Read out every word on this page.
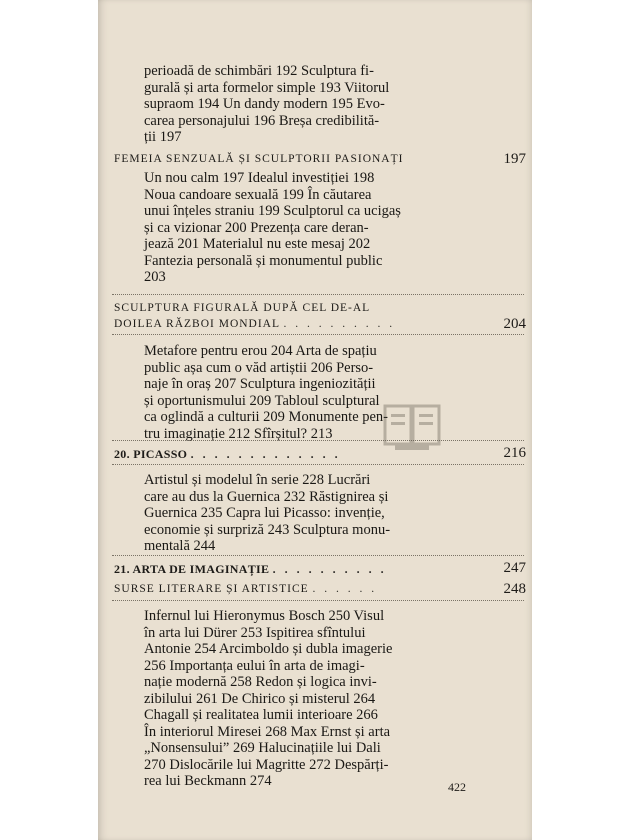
perioadă de schimbări 192 Sculptura fi-

gurală și arta formelor simple 193 Viitorul

supraom 194 Un dandy modern 195 Evo-

carea personajului 196 Breșa credibilită-

ții 197

FEMEIA SENZUALĂ ȘI SCULPTORII PASIONAȚI	197

Un nou calm 197 Idealul investiției 198

Noua candoare sexuală 199 În căutarea

unui înțeles straniu 199 Sculptorul ca ucigaș

și ca vizionar 200 Prezența care deran-

jează 201 Materialul nu este mesaj 202

Fantezia personală și monumentul public

203

SCULPTURA FIGURALĂ DUPĂ CEL DE-AL
DOILEA RĂZBOI MONDIAL . . . . . . . . . .	204

Metafore pentru erou 204 Arta de spațiu

public așa cum o văd artiștii 206 Perso-

naje în oraș 207 Sculptura ingeniozității

și oportunismului 209 Tabloul sculptural

ca oglindă a culturii 209 Monumente pen-

tru imaginație 212 Sfîrșitul? 213

20. PICASSO . . . . . . . . . . . . .	216

Artistul și modelul în serie 228 Lucrări

care au dus la Guernica 232 Răstignirea și

Guernica 235 Capra lui Picasso: invenție,

economie și surpriză 243 Sculptura monu-

mentală 244

21. ARTA DE IMAGINAȚIE . . . . . . . . . .	247
SURSE LITERARE ȘI ARTISTICE . . . . . .	248

Infernul lui Hieronymus Bosch 250 Visul

în arta lui Dürer 253 Ispitirea sfîntului

Antonie 254 Arcimboldo și dubla imagerie

256 Importanța eului în arta de imagi-

nație modernă 258 Redon și logica invi-

zibilului 261 De Chirico și misterul 264

Chagall și realitatea lumii interioare 266

În interiorul Miresei 268 Max Ernst și arta

„Nonsensului” 269 Halucinațiile lui Dali

270 Dislocările lui Magritte 272 Despărți-

rea lui Beckmann 274	422
